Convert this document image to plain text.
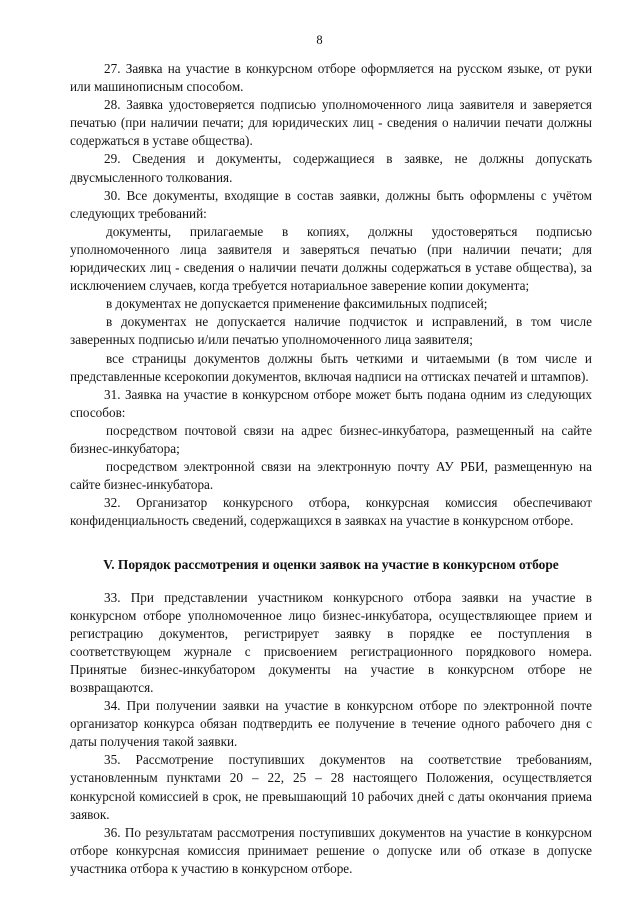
8

27. Заявка на участие в конкурсном отборе оформляется на русском языке, от руки или машинописным способом.

28. Заявка удостоверяется подписью уполномоченного лица заявителя и заверяется печатью (при наличии печати; для юридических лиц - сведения о наличии печати должны содержаться в уставе общества).

29. Сведения и документы, содержащиеся в заявке, не должны допускать двусмысленного толкования.

30. Все документы, входящие в состав заявки, должны быть оформлены с учётом следующих требований:

документы, прилагаемые в копиях, должны удостоверяться подписью уполномоченного лица заявителя и заверяться печатью (при наличии печати; для юридических лиц - сведения о наличии печати должны содержаться в уставе общества), за исключением случаев, когда требуется нотариальное заверение копии документа;

в документах не допускается применение факсимильных подписей;

в документах не допускается наличие подчисток и исправлений, в том числе заверенных подписью и/или печатью уполномоченного лица заявителя;

все страницы документов должны быть четкими и читаемыми (в том числе и представленные ксерокопии документов, включая надписи на оттисках печатей и штампов).

31. Заявка на участие в конкурсном отборе может быть подана одним из следующих способов:

посредством почтовой связи на адрес бизнес-инкубатора, размещенный на сайте бизнес-инкубатора;

посредством электронной связи на электронную почту АУ РБИ, размещенную на сайте бизнес-инкубатора.

32. Организатор конкурсного отбора, конкурсная комиссия обеспечивают конфиденциальность сведений, содержащихся в заявках на участие в конкурсном отборе.

V. Порядок рассмотрения и оценки заявок на участие в конкурсном отборе

33. При представлении участником конкурсного отбора заявки на участие в конкурсном отборе уполномоченное лицо бизнес-инкубатора, осуществляющее прием и регистрацию документов, регистрирует заявку в порядке ее поступления в соответствующем журнале с присвоением регистрационного порядкового номера. Принятые бизнес-инкубатором документы на участие в конкурсном отборе не возвращаются.

34. При получении заявки на участие в конкурсном отборе по электронной почте организатор конкурса обязан подтвердить ее получение в течение одного рабочего дня с даты получения такой заявки.

35. Рассмотрение поступивших документов на соответствие требованиям, установленным пунктами 20 – 22, 25 – 28 настоящего Положения, осуществляется конкурсной комиссией в срок, не превышающий 10 рабочих дней с даты окончания приема заявок.

36. По результатам рассмотрения поступивших документов на участие в конкурсном отборе конкурсная комиссия принимает решение о допуске или об отказе в допуске участника отбора к участию в конкурсном отборе.
